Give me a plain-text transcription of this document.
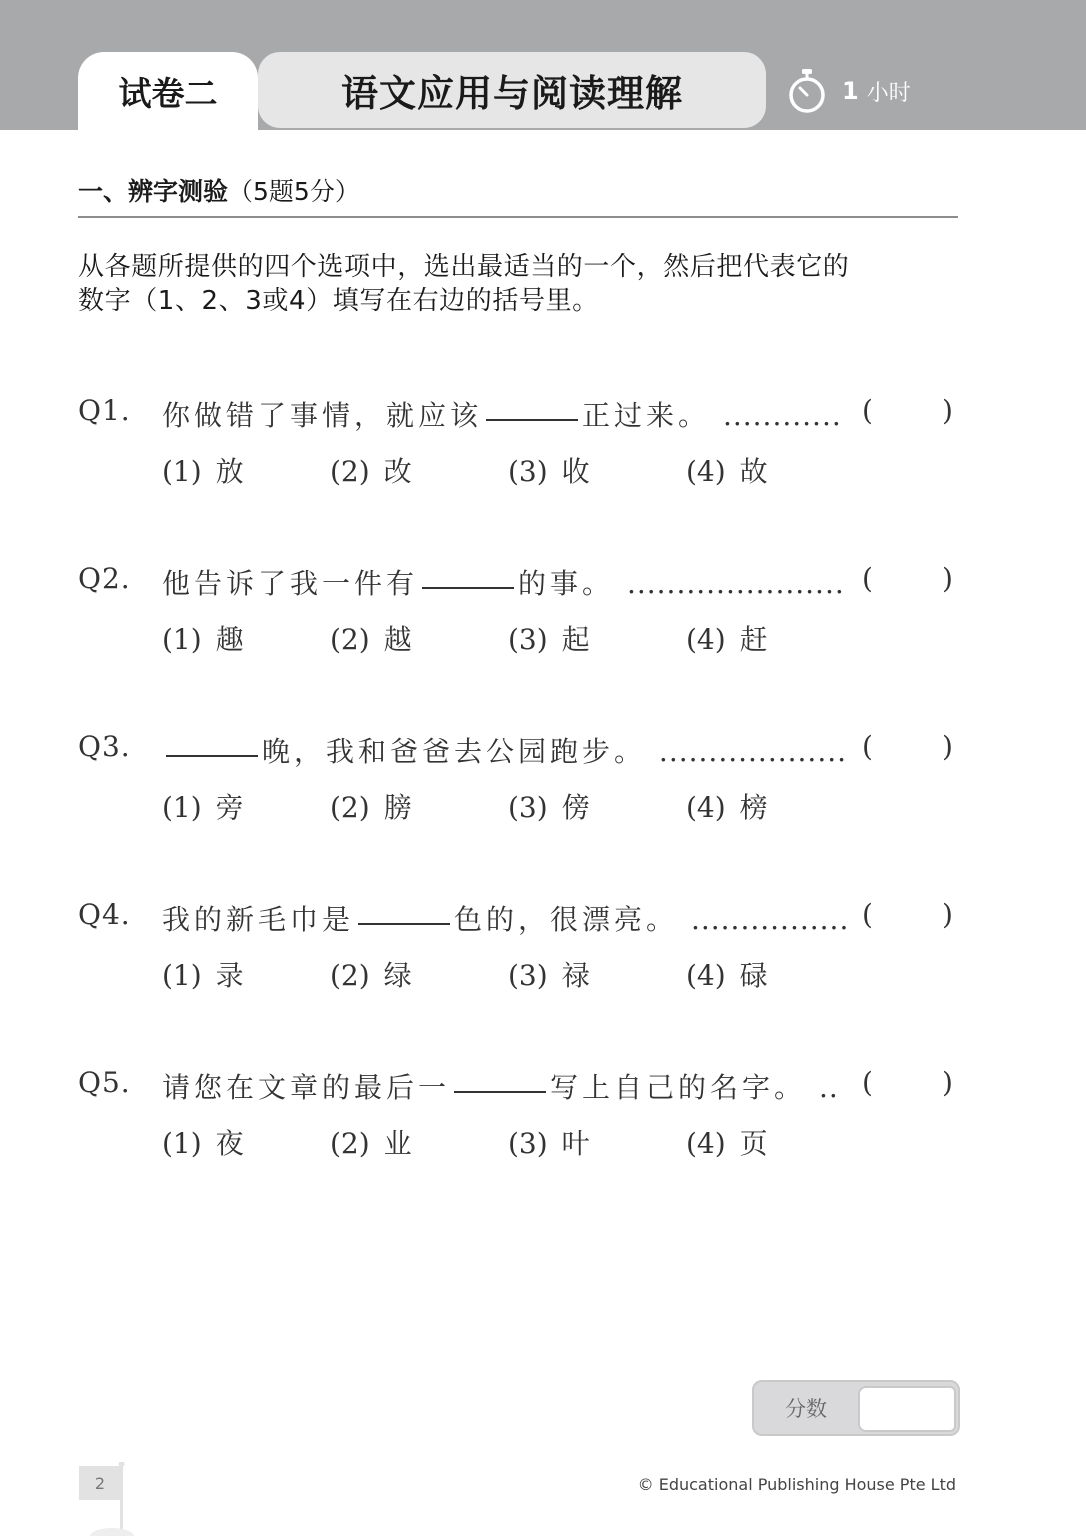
试卷二	语文应用与阅读理解	1 小时
一、辨字测验（5题5分）
从各题所提供的四个选项中，选出最适当的一个，然后把代表它的
数字（1、2、3或4）填写在右边的括号里。
Q1. 你做错了事情，就应该	正过来。 ............ ( )
(1) 放	(2) 改	(3) 收	(4) 故
Q2. 他告诉了我一件有	的事。 ...................... ( )
(1) 趣	(2) 越	(3) 起	(4) 赶
Q3.	晚，我和爸爸去公园跑步。 ................... ( )
(1) 旁	(2) 膀	(3) 傍	(4) 榜
Q4. 我的新毛巾是	色的，很漂亮。 ................ ( )
(1) 录	(2) 绿	(3) 禄	(4) 碌
Q5. 请您在文章的最后一	写上自己的名字。 .. ( )
(1) 夜	(2) 业	(3) 叶	(4) 页
分数
2	© Educational Publishing House Pte Ltd
